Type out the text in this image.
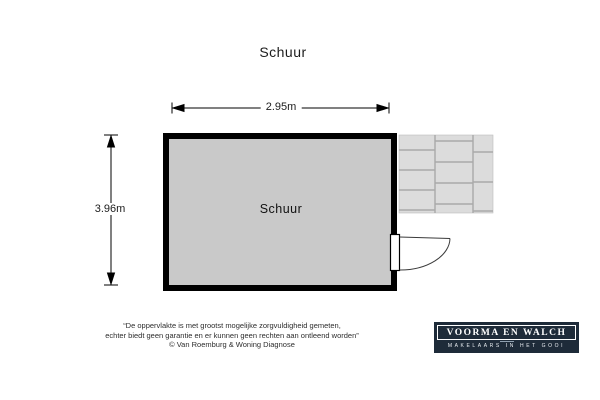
Schuur
2.95m
3.96m	Schuur
“De oppervlakte is met grootst mogelijke zorgvuldigheid gemeten,
echter biedt geen garantie en er kunnen geen rechten aan ontleend worden”
© Van Roemburg & Woning Diagnose
VOORMA EN WALCH
MAKELAARS IN HET GOOI
